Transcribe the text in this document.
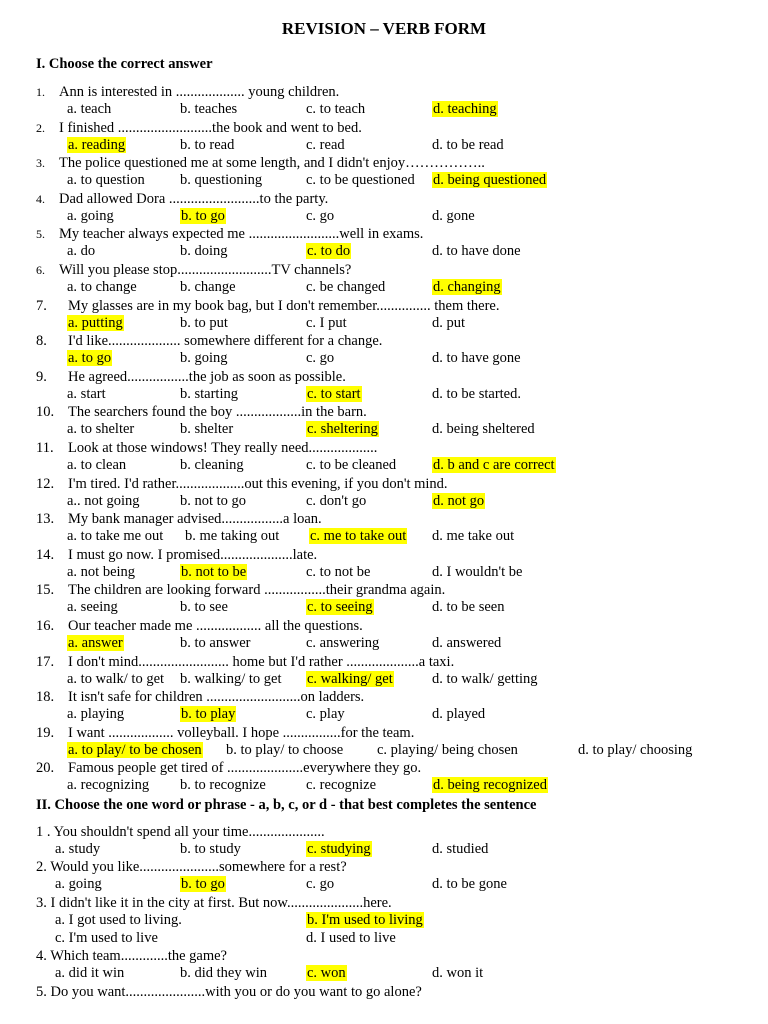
REVISION – VERB FORM
I. Choose the correct answer
1. Ann is interested in ................... young children.
a. teach	b. teaches	c. to teach	d. teaching
2. I finished ..........................the book and went to bed.
a. reading	b. to read	c. read	d. to be read
3. The police questioned me at some length, and I didn't enjoy……………..
a. to question b. questioning	c. to be questioned d. being questioned
4. Dad allowed Dora .........................to the party.
a. going	b. to go	c. go	d. gone
5. My teacher always expected me .........................well in exams.
a. do	b. doing	c. to do	d. to have done
6. Will you please stop..........................TV channels?
a. to change	b. change	c. be changed	d. changing
7. My glasses are in my book bag, but I don't remember............... them there.
a. putting	b. to put	c. I put	d. put
8. I'd like.................... somewhere different for a change.
a. to go	b. going	c. go	d. to have gone
9. He agreed.................the job as soon as possible.
a. start	b. starting	c. to start	d. to be started.
10. The searchers found the boy ..................in the barn.
a. to shelter	b. shelter	c. sheltering	d. being sheltered
11. Look at those windows! They really need...................
a. to clean	b. cleaning	c. to be cleaned	d. b and c are correct
12. I'm tired. I'd rather...................out this evening, if you don't mind.
a.. not going	b. not to go	c. don't go	d. not go
13. My bank manager advised.................a loan.
a. to take me out b. me taking out c. me to take out d. me take out
14. I must go now. I promised....................late.
a. not being	b. not to be	c. to not be	d. I wouldn't be
15. The children are looking forward .................their grandma again.
a. seeing	b. to see	c. to seeing	d. to be seen
16. Our teacher made me .................. all the questions.
a. answer	b. to answer	c. answering	d. answered
17. I don't mind......................... home but I'd rather ....................a taxi.
a. to walk/ to get b. walking/ to get c. walking/ get	d. to walk/ getting
18. It isn't safe for children ..........................on ladders.
a. playing	b. to play	c. play	d. played
19. I want .................. volleyball. I hope ................for the team.
a. to play/ to be chosen b. to play/ to choose c. playing/ being chosen	d. to play/ choosing
20. Famous people get tired of .....................everywhere they go.
a. recognizing b. to recognize	c. recognize	d. being recognized
II. Choose the one word or phrase - a, b, c, or d - that best completes the sentence
1 . You shouldn't spend all your time.....................
a. study	b. to study	c. studying	d. studied
2. Would you like......................somewhere for a rest?
a. going	b. to go	c. go	d. to be gone
3. I didn't like it in the city at first. But now.....................here.
a. I got used to living.	b. I'm used to living
c. I'm used to live	d. I used to live
4. Which team.............the game?
a. did it win	b. did they win	c. won	d. won it
5. Do you want......................with you or do you want to go alone?
